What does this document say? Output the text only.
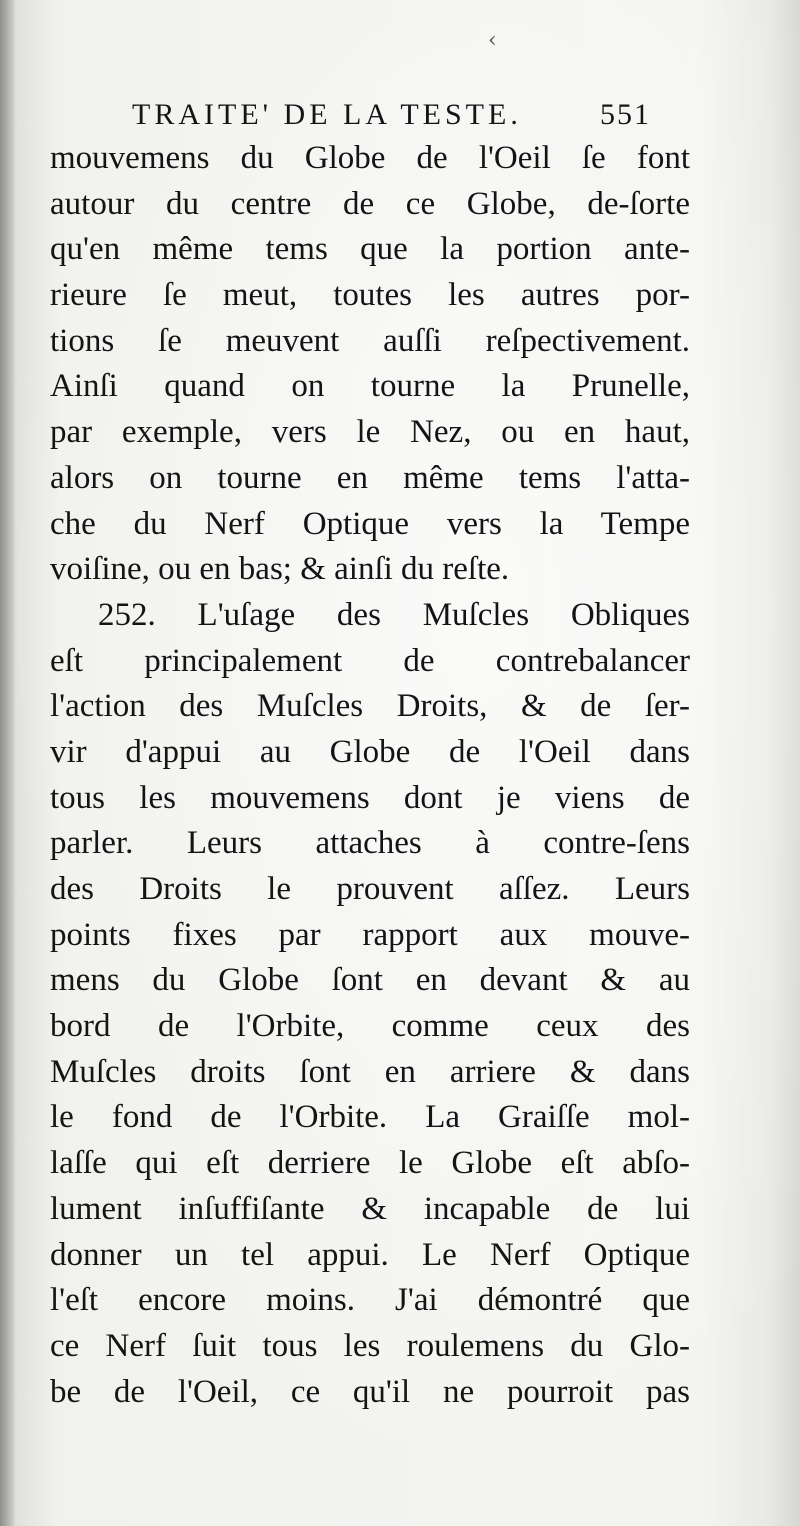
‹
TRAITE' DE LA TESTE.	551
mouvemens du Globe de l'Oeil ſe font
autour du centre de ce Globe, de-ſorte
qu'en même tems que la portion ante-
rieure ſe meut, toutes les autres por-
tions ſe meuvent auſſi reſpectivement.
Ainſi quand on tourne la Prunelle,
par exemple, vers le Nez, ou en haut,
alors on tourne en même tems l'atta-
che du Nerf Optique vers la Tempe
voiſine, ou en bas; & ainſi du reſte.
252. L'uſage des Muſcles Obliques
eſt principalement de contrebalancer
l'action des Muſcles Droits, & de ſer-
vir d'appui au Globe de l'Oeil dans
tous les mouvemens dont je viens de
parler. Leurs attaches à contre-ſens
des Droits le prouvent aſſez. Leurs
points fixes par rapport aux mouve-
mens du Globe ſont en devant & au
bord de l'Orbite, comme ceux des
Muſcles droits ſont en arriere & dans
le fond de l'Orbite. La Graiſſe mol-
laſſe qui eſt derriere le Globe eſt abſo-
lument inſuffiſante & incapable de lui
donner un tel appui. Le Nerf Optique
l'eſt encore moins. J'ai démontré que
ce Nerf ſuit tous les roulemens du Glo-
be de l'Oeil, ce qu'il ne pourroit pas
